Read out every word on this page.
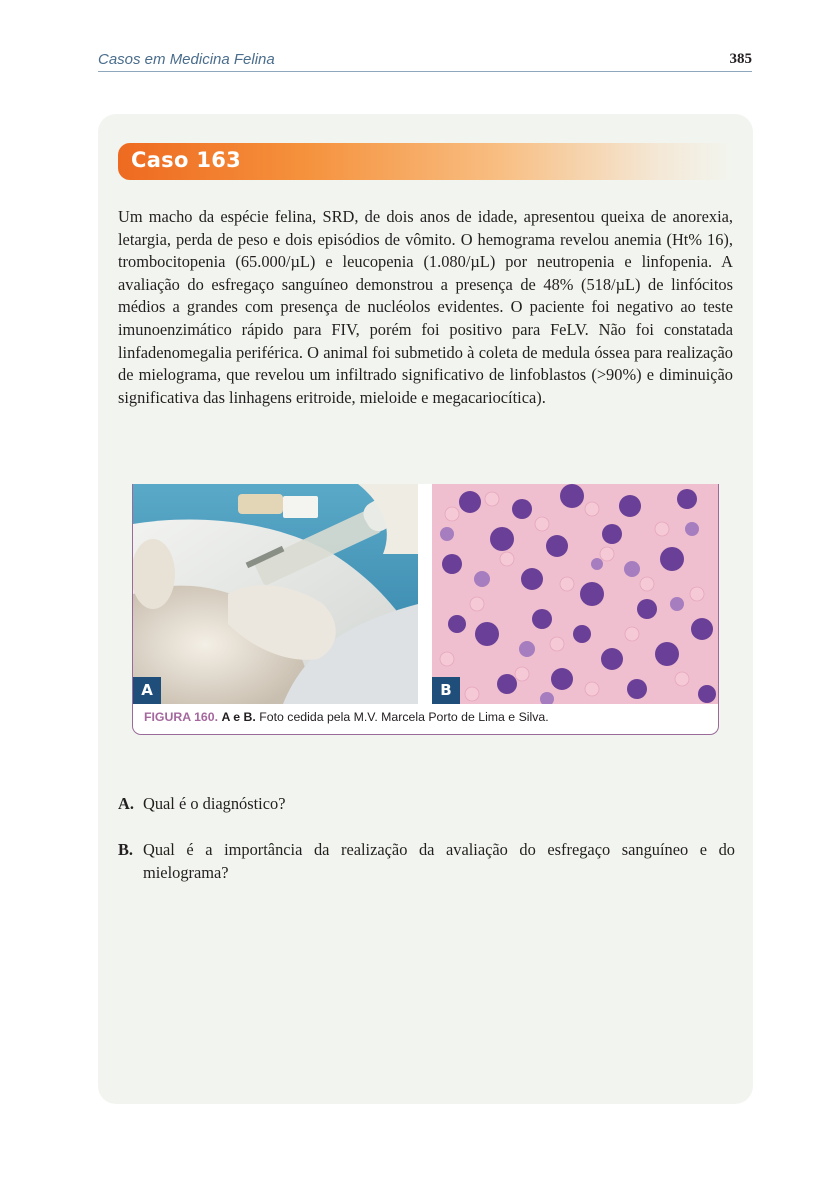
Casos em Medicina Felina	385
Caso 163

Um macho da espécie felina, SRD, de dois anos de idade, apresentou queixa de anorexia, letargia, perda de peso e dois episódios de vômito. O hemograma revelou anemia (Ht% 16), trombocitopenia (65.000/µL) e leucopenia (1.080/µL) por neutropenia e linfopenia. A avaliação do esfregaço sanguíneo demonstrou a presença de 48% (518/µL) de linfócitos médios a grandes com presença de nucléolos evidentes. O paciente foi negativo ao teste imunoenzimático rápido para FIV, porém foi positivo para FeLV. Não foi constatada linfadenomegalia periférica. O animal foi submetido à coleta de medula óssea para realização de mielograma, que revelou um infiltrado significativo de linfoblastos (>90%) e diminuição significativa das linhagens eritroide, mieloide e megacariocítica).

A	B
FIGURA 160. A e B. Foto cedida pela M.V. Marcela Porto de Lima e Silva.
A. Qual é o diagnóstico?
B. Qual é a importância da realização da avaliação do esfregaço sanguíneo e do mielograma?
